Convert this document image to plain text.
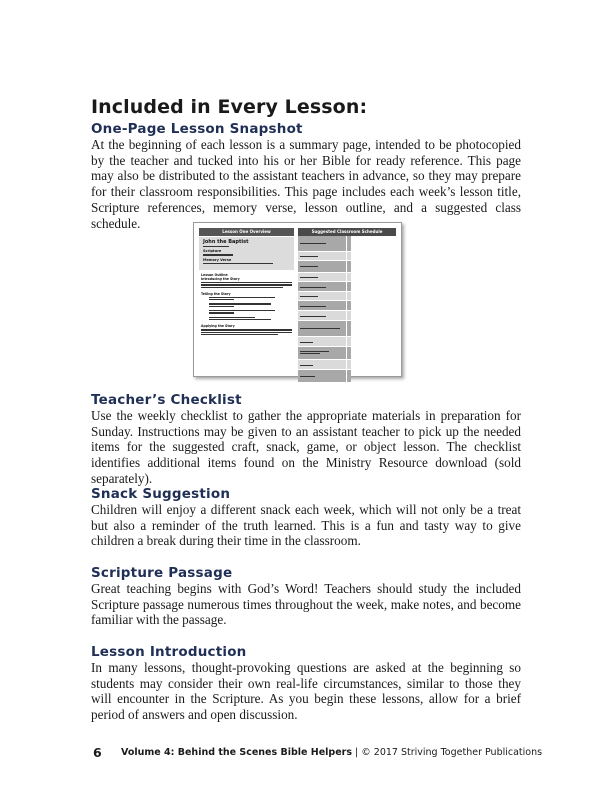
Included in Every Lesson:
One-Page Lesson Snapshot

At the beginning of each lesson is a summary page, intended to be photocopied by the teacher and tucked into his or her Bible for ready reference. This page may also be distributed to the assistant teachers in advance, so they may prepare for their classroom responsibilities. This page includes each week’s lesson title, Scripture references, memory verse, lesson outline, and a suggested class schedule.

Lesson One Overview
John the Baptist
Scripture
Memory Verse
Lesson Outline
Introducing the Story
Telling the Story
Applying the Story
Suggested Classroom Schedule
Teacher’s Checklist

Use the weekly checklist to gather the appropriate materials in preparation for Sunday. Instructions may be given to an assistant teacher to pick up the needed items for the suggested craft, snack, game, or object lesson. The checklist identifies additional items found on the Ministry Resource download (sold separately).

Snack Suggestion

Children will enjoy a different snack each week, which will not only be a treat but also a reminder of the truth learned. This is a fun and tasty way to give children a break during their time in the classroom.

Scripture Passage

Great teaching begins with God’s Word! Teachers should study the included Scripture passage numerous times throughout the week, make notes, and become familiar with the passage.

Lesson Introduction

In many lessons, thought-provoking questions are asked at the beginning so students may consider their own real-life circumstances, similar to those they will encounter in the Scripture. As you begin these lessons, allow for a brief period of answers and open discussion.

6 Volume 4: Behind the Scenes Bible Helpers | © 2017 Striving Together Publications
